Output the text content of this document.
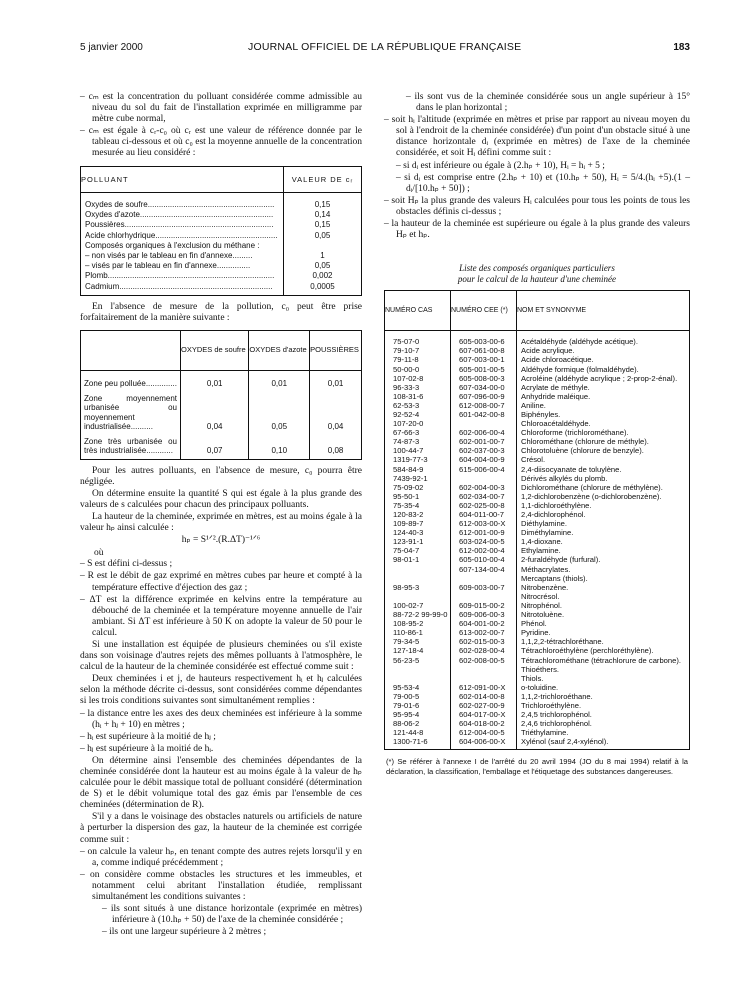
5 janvier 2000	JOURNAL OFFICIEL DE LA RÉPUBLIQUE FRANÇAISE	183
– cₘ est la concentration du polluant considérée comme admissible au niveau du sol du fait de l'installation exprimée en milligramme par mètre cube normal,
– cₘ est égale à cᵣ-c₀ où cᵣ est une valeur de référence donnée par le tableau ci-dessous et où c₀ est la moyenne annuelle de la concentration mesurée au lieu considéré :
POLLUANT	VALEUR DE cᵣ

Oxydes de soufre.........................................................	0,15
Oxydes d'azote............................................................	0,14
Poussières...................................................................	0,15
Acide chlorhydrique.......................................................	0,05
Composés organiques à l'exclusion du méthane :	
– non visés par le tableau en fin d'annexe.........	1
– visés par le tableau en fin d'annexe...............	0,05
Plomb...........................................................................	0,002
Cadmium.....................................................................	0,0005
En l'absence de mesure de la pollution, c₀ peut être prise forfaitairement de la manière suivante :
	OXYDES de soufre	OXYDES d'azote	POUSSIÈRES
Zone peu polluée..............	0,01	0,01	0,01
Zone moyennement urbanisée ou moyennement industrialisée..........	0,04	0,05	0,04
Zone très urbanisée ou très industrialisée............	0,07	0,10	0,08
Pour les autres polluants, en l'absence de mesure, c₀ pourra être négligée.
On détermine ensuite la quantité S qui est égale à la plus grande des valeurs de s calculées pour chacun des principaux polluants.
La hauteur de la cheminée, exprimée en mètres, est au moins égale à la valeur hₚ ainsi calculée :
hₚ = S¹ᐟ².(R.ΔT)⁻¹ᐟ⁶
où
– S est défini ci-dessus ;
– R est le débit de gaz exprimé en mètres cubes par heure et compté à la température effective d'éjection des gaz ;
– ΔT est la différence exprimée en kelvins entre la température au débouché de la cheminée et la température moyenne annuelle de l'air ambiant. Si ΔT est inférieure à 50 K on adopte la valeur de 50 pour le calcul.
Si une installation est équipée de plusieurs cheminées ou s'il existe dans son voisinage d'autres rejets des mêmes polluants à l'atmosphère, le calcul de la hauteur de la cheminée considérée est effectué comme suit :
Deux cheminées i et j, de hauteurs respectivement hᵢ et hⱼ calculées selon la méthode décrite ci-dessus, sont considérées comme dépendantes si les trois conditions suivantes sont simultanément remplies :
– la distance entre les axes des deux cheminées est inférieure à la somme (hᵢ + hⱼ + 10) en mètres ;
– hᵢ est supérieure à la moitié de hⱼ ;
– hⱼ est supérieure à la moitié de hᵢ.
On détermine ainsi l'ensemble des cheminées dépendantes de la cheminée considérée dont la hauteur est au moins égale à la valeur de hₚ calculée pour le débit massique total de polluant considéré (détermination de S) et le débit volumique total des gaz émis par l'ensemble de ces cheminées (détermination de R).
S'il y a dans le voisinage des obstacles naturels ou artificiels de nature à perturber la dispersion des gaz, la hauteur de la cheminée est corrigée comme suit :
– on calcule la valeur hₚ, en tenant compte des autres rejets lorsqu'il y en a, comme indiqué précédemment ;
– on considère comme obstacles les structures et les immeubles, et notamment celui abritant l'installation étudiée, remplissant simultanément les conditions suivantes :
– ils sont situés à une distance horizontale (exprimée en mètres) inférieure à (10.hₚ + 50) de l'axe de la cheminée considérée ;
– ils ont une largeur supérieure à 2 mètres ;
– ils sont vus de la cheminée considérée sous un angle supérieur à 15° dans le plan horizontal ;
– soit hᵢ l'altitude (exprimée en mètres et prise par rapport au niveau moyen du sol à l'endroit de la cheminée considérée) d'un point d'un obstacle situé à une distance horizontale dᵢ (exprimée en mètres) de l'axe de la cheminée considérée, et soit Hᵢ défini comme suit :
– si dᵢ est inférieure ou égale à (2.hₚ + 10), Hᵢ = hᵢ + 5 ;
– si dᵢ est comprise entre (2.hₚ + 10) et (10.hₚ + 50), Hᵢ = 5/4.(hᵢ +5).(1 – dᵢ/[10.hₚ + 50]) ;
– soit Hₚ la plus grande des valeurs Hᵢ calculées pour tous les points de tous les obstacles définis ci-dessus ;
– la hauteur de la cheminée est supérieure ou égale à la plus grande des valeurs Hₚ et hₚ.
Liste des composés organiques particuliers
pour le calcul de la hauteur d'une cheminée
NUMÉRO CAS	NUMÉRO CEE (*)	NOM ET SYNONYME
75-07-0	605-003-00-6	Acétaldéhyde (aldéhyde acétique).
79-10-7	607-061-00-8	Acide acrylique.
79-11-8	607-003-00-1	Acide chloroacétique.
50-00-0	605-001-00-5	Aldéhyde formique (folmaldéhyde).
107-02-8	605-008-00-3	Acroléine (aldéhyde acrylique ; 2-prop-2-énal).
96-33-3	607-034-00-0	Acrylate de méthyle.
108-31-6	607-096-00-9	Anhydride maléique.
62-53-3	612-008-00-7	Aniline.
92-52-4	601-042-00-8	Biphényles.
107-20-0		Chloroacétaldéhyde.
67-66-3	602-006-00-4	Chloroforme (trichlorométhane).
74-87-3	602-001-00-7	Chlorométhane (chlorure de méthyle).
100-44-7	602-037-00-3	Chlorotoluène (chlorure de benzyle).
1319-77-3	604-004-00-9	Crésol.
584-84-9	615-006-00-4	2,4-diisocyanate de toluylène.
7439-92-1		Dérivés alkylés du plomb.
75-09-02	602-004-00-3	Dichlorométhane (chlorure de méthylène).
95-50-1	602-034-00-7	1,2-dichlorobenzène (o-dichlorobenzène).
75-35-4	602-025-00-8	1,1-dichloroéthylène.
120-83-2	604-011-00-7	2,4-dichlorophénol.
109-89-7	612-003-00-X	Diéthylamine.
124-40-3	612-001-00-9	Diméthylamine.
123-91-1	603-024-00-5	1,4-dioxane.
75-04-7	612-002-00-4	Ethylamine.
98-01-1	605-010-00-4	2-furaldéhyde (furfural).
	607-134-00-4	Méthacrylates.
		Mercaptans (thiols).
98-95-3	609-003-00-7	Nitrobenzène.
		Nitrocrésol.
100-02-7	609-015-00-2	Nitrophénol.
88-72-2 99-99-0	609-006-00-3	Nitrotoluène.
108-95-2	604-001-00-2	Phénol.
110-86-1	613-002-00-7	Pyridine.
79-34-5	602-015-00-3	1,1,2,2-tétrachloréthane.
127-18-4	602-028-00-4	Tétrachloroéthylène (perchloréthylène).
56-23-5	602-008-00-5	Tétrachlorométhane (tétrachlorure de carbone).
		Thioéthers.
		Thiols.
95-53-4	612-091-00-X	o-toluidine.
79-00-5	602-014-00-8	1,1,2-trichloroéthane.
79-01-6	602-027-00-9	Trichloroéthylène.
95-95-4	604-017-00-X	2,4,5 trichlorophénol.
88-06-2	604-018-00-2	2,4,6 trichlorophénol.
121-44-8	612-004-00-5	Triéthylamine.
1300-71-6	604-006-00-X	Xylénol (sauf 2,4-xylénol).
(*) Se référer à l'annexe I de l'arrêté du 20 avril 1994 (JO du 8 mai 1994) relatif à la déclaration, la classification, l'emballage et l'étiquetage des substances dangereuses.
